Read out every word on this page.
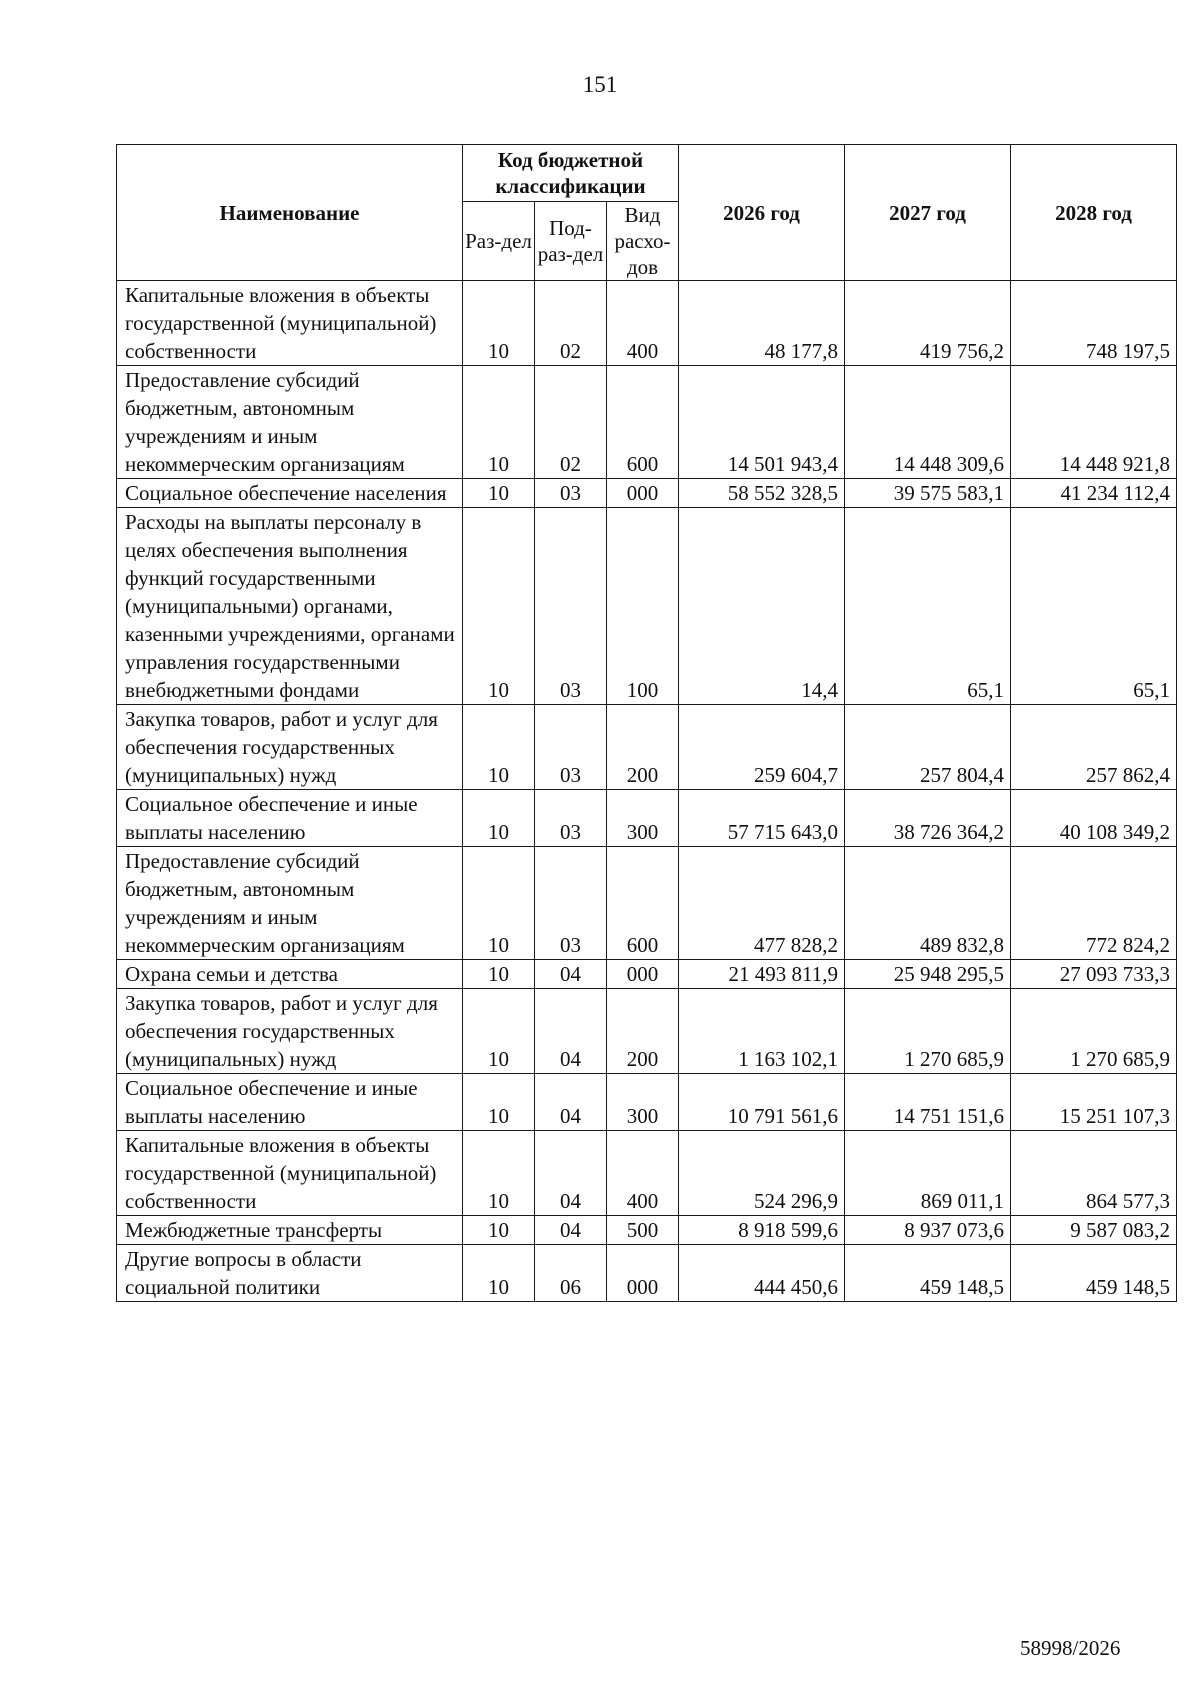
151
Наименование	Код бюджетной классификации			2026 год	2027 год	2028 год
	Раз-дел	Под-раз-дел	Вид расхо-дов			
Капитальные вложения в объекты государственной (муниципальной) собственности	10	02	400	48 177,8	419 756,2	748 197,5
Предоставление субсидий бюджетным, автономным учреждениям и иным некоммерческим организациям	10	02	600	14 501 943,4	14 448 309,6	14 448 921,8
Социальное обеспечение населения	10	03	000	58 552 328,5	39 575 583,1	41 234 112,4
Расходы на выплаты персоналу в целях обеспечения выполнения функций государственными (муниципальными) органами, казенными учреждениями, органами управления государственными внебюджетными фондами	10	03	100	14,4	65,1	65,1
Закупка товаров, работ и услуг для обеспечения государственных (муниципальных) нужд	10	03	200	259 604,7	257 804,4	257 862,4
Социальное обеспечение и иные выплаты населению	10	03	300	57 715 643,0	38 726 364,2	40 108 349,2
Предоставление субсидий бюджетным, автономным учреждениям и иным некоммерческим организациям	10	03	600	477 828,2	489 832,8	772 824,2
Охрана семьи и детства	10	04	000	21 493 811,9	25 948 295,5	27 093 733,3
Закупка товаров, работ и услуг для обеспечения государственных (муниципальных) нужд	10	04	200	1 163 102,1	1 270 685,9	1 270 685,9
Социальное обеспечение и иные выплаты населению	10	04	300	10 791 561,6	14 751 151,6	15 251 107,3
Капитальные вложения в объекты государственной (муниципальной) собственности	10	04	400	524 296,9	869 011,1	864 577,3
Межбюджетные трансферты	10	04	500	8 918 599,6	8 937 073,6	9 587 083,2
Другие вопросы в области социальной политики	10	06	000	444 450,6	459 148,5	459 148,5
58998/2026
